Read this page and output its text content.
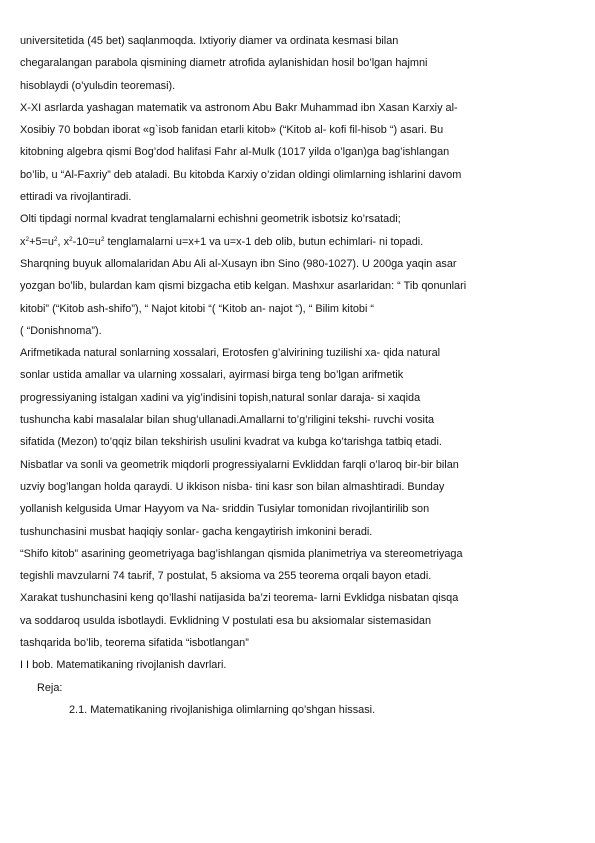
universitetida (45 bet) saqlanmoqda. Ixtiyoriy diamer va ordinata kesmasi bilan
chegaralangan parabola qismining diametr atrofida aylanishidan hosil bo’lgan hajmni
hisoblaydi (o’yulьdin teoremasi).
X-XI asrlarda yashagan matematik va astronom Abu Bakr Muhammad ibn Xasan Karxiy al-
Xosibiy 70 bobdan iborat «g`isob fanidan etarli kitob» (“Kitob al- kofi fil-hisob “) asari. Bu
kitobning algebra qismi Bog’dod halifasi Fahr al-Mulk (1017 yilda o’lgan)ga bag’ishlangan
bo’lib, u “Al-Faxriy” deb ataladi. Bu kitobda Karxiy o’zidan oldingi olimlarning ishlarini davom
ettiradi va rivojlantiradi.
Olti tipdagi normal kvadrat tenglamalarni echishni geometrik isbotsiz ko’rsatadi;
$x^2+5=u^2$, $x^2-10=u^2$ tenglamalarni u=x+1 va u=x-1 deb olib, butun echimlari- ni topadi.
Sharqning buyuk allomalaridan Abu Ali al-Xusayn ibn Sino (980-1027). U 200ga yaqin asar
yozgan bo’lib, bulardan kam qismi bizgacha etib kelgan. Mashxur asarlaridan: “ Tib qonunlari
kitobi” (“Kitob ash-shifo”), “ Najot kitobi “( “Kitob an- najot “), “ Bilim kitobi “
( “Donishnoma”).
Arifmetikada natural sonlarning xossalari, Erotosfen g’alvirining tuzilishi xa- qida natural
sonlar ustida amallar va ularning xossalari, ayirmasi birga teng bo’lgan arifmetik
progressiyaning istalgan xadini va yig’indisini topish,natural sonlar daraja- si xaqida
tushuncha kabi masalalar bilan shug’ullanadi.Amallarni to’g’riligini tekshi- ruvchi vosita
sifatida (Mezon) to’qqiz bilan tekshirish usulini kvadrat va kubga ko’tarishga tatbiq etadi.
Nisbatlar va sonli va geometrik miqdorli progressiyalarni Evkliddan farqli o’laroq bir-bir bilan
uzviy bog’langan holda qaraydi. U ikkison nisba- tini kasr son bilan almashtiradi. Bunday
yollanish kelgusida Umar Hayyom va Na- sriddin Tusiylar tomonidan rivojlantirilib son
tushunchasini musbat haqiqiy sonlar- gacha kengaytirish imkonini beradi.
“Shifo kitob” asarining geometriyaga bag’ishlangan qismida planimetriya va stereometriyaga
tegishli mavzularni 74 taьrif, 7 postulat, 5 aksioma va 255 teorema orqali bayon etadi.
Xarakat tushunchasini keng qo’llashi natijasida ba’zi teorema- larni Evklidga nisbatan qisqa
va soddaroq usulda isbotlaydi. Evklidning V postulati esa bu aksiomalar sistemasidan
tashqarida bo’lib, teorema sifatida “isbotlangan”
I I bob. Matematikaning rivojlanish davrlari.
Reja:
2.1. Matematikaning rivojlanishiga olimlarning qo’shgan hissasi.
